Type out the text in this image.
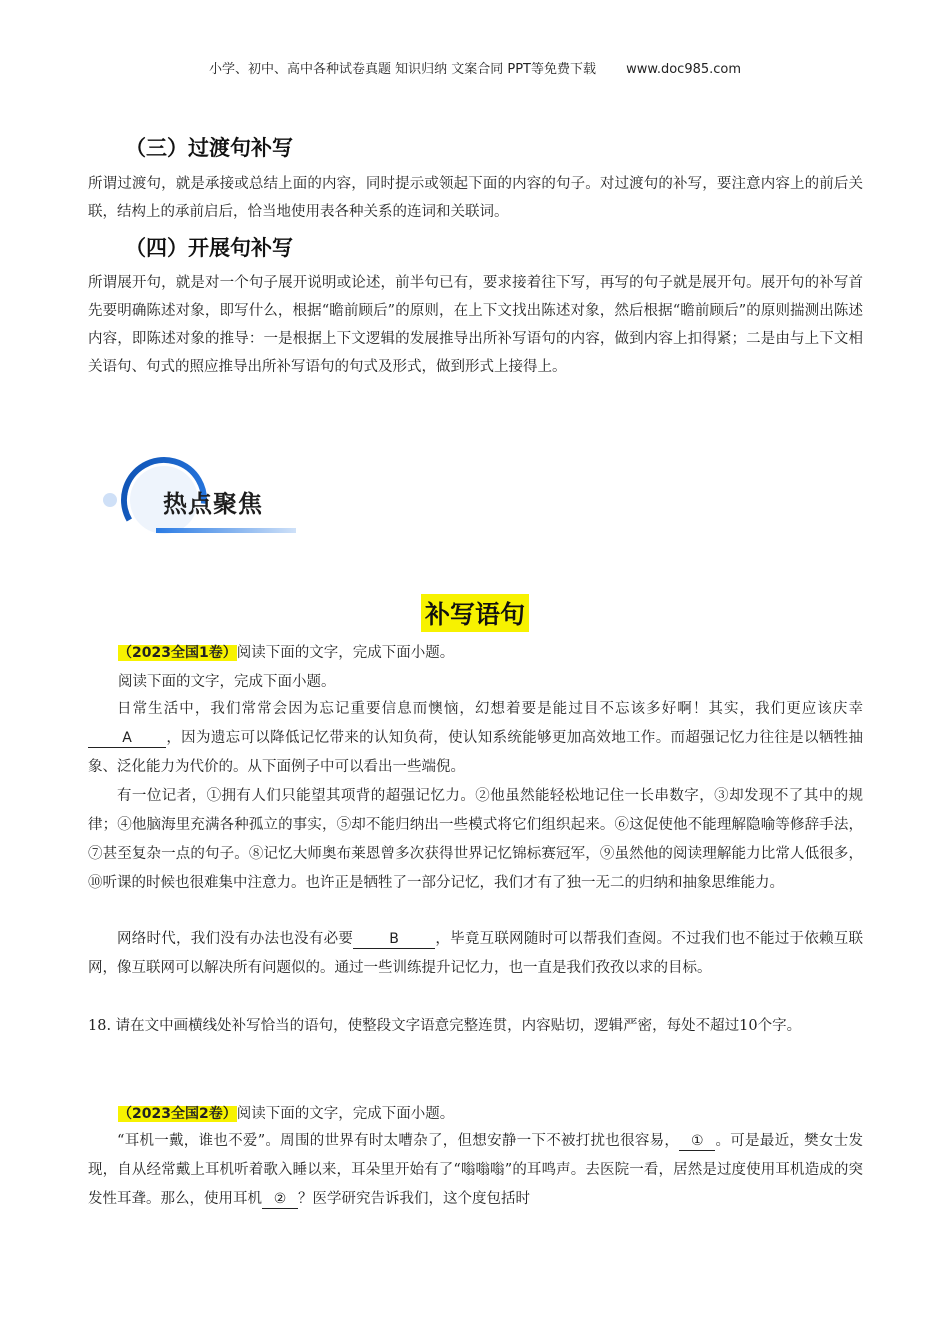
小学、初中、高中各种试卷真题 知识归纳 文案合同 PPT等免费下载 www.doc985.com
（三）过渡句补写
所谓过渡句，就是承接或总结上面的内容，同时提示或领起下面的内容的句子。对过渡句的补写，要注意内容上的前后关联，结构上的承前启后，恰当地使用表各种关系的连词和关联词。
（四）开展句补写
所谓展开句，就是对一个句子展开说明或论述，前半句已有，要求接着往下写，再写的句子就是展开句。展开句的补写首先要明确陈述对象，即写什么，根据“瞻前顾后”的原则，在上下文找出陈述对象，然后根据“瞻前顾后”的原则揣测出陈述内容，即陈述对象的推导：一是根据上下文逻辑的发展推导出所补写语句的内容，做到内容上扣得紧；二是由与上下文相关语句、句式的照应推导出所补写语句的句式及形式，做到形式上接得上。
热点聚焦
补写语句
（2023全国1卷）阅读下面的文字，完成下面小题。
阅读下面的文字，完成下面小题。
日常生活中，我们常常会因为忘记重要信息而懊恼，幻想着要是能过目不忘该多好啊！其实，我们更应该庆幸A ，因为遗忘可以降低记忆带来的认知负荷，使认知系统能够更加高效地工作。而超强记忆力往往是以牺牲抽象、泛化能力为代价的。从下面例子中可以看出一些端倪。
有一位记者，①拥有人们只能望其项背的超强记忆力。②他虽然能轻松地记住一长串数字，③却发现不了其中的规律；④他脑海里充满各种孤立的事实，⑤却不能归纳出一些模式将它们组织起来。⑥这促使他不能理解隐喻等修辞手法，⑦甚至复杂一点的句子。⑧记忆大师奥布莱恩曾多次获得世界记忆锦标赛冠军，⑨虽然他的阅读理解能力比常人低很多，⑩听课的时候也很难集中注意力。也许正是牺牲了一部分记忆，我们才有了独一无二的归纳和抽象思维能力。
网络时代，我们没有办法也没有必要	B ，毕竟互联网随时可以帮我们查阅。不过我们也不能过于依赖互联网，像互联网可以解决所有问题似的。通过一些训练提升记忆力，也一直是我们孜孜以求的目标。
18. 请在文中画横线处补写恰当的语句，使整段文字语意完整连贯，内容贴切，逻辑严密，每处不超过10个字。
（2023全国2卷）阅读下面的文字，完成下面小题。
“耳机一戴，谁也不爱”。周围的世界有时太嘈杂了，但想安静一下不被打扰也很容易， ① 。可是最近，樊女士发现，自从经常戴上耳机听着歌入睡以来，耳朵里开始有了“嗡嗡嗡”的耳鸣声。去医院一看，居然是过度使用耳机造成的突发性耳聋。那么，使用耳机 ② ？医学研究告诉我们，这个度包括时
